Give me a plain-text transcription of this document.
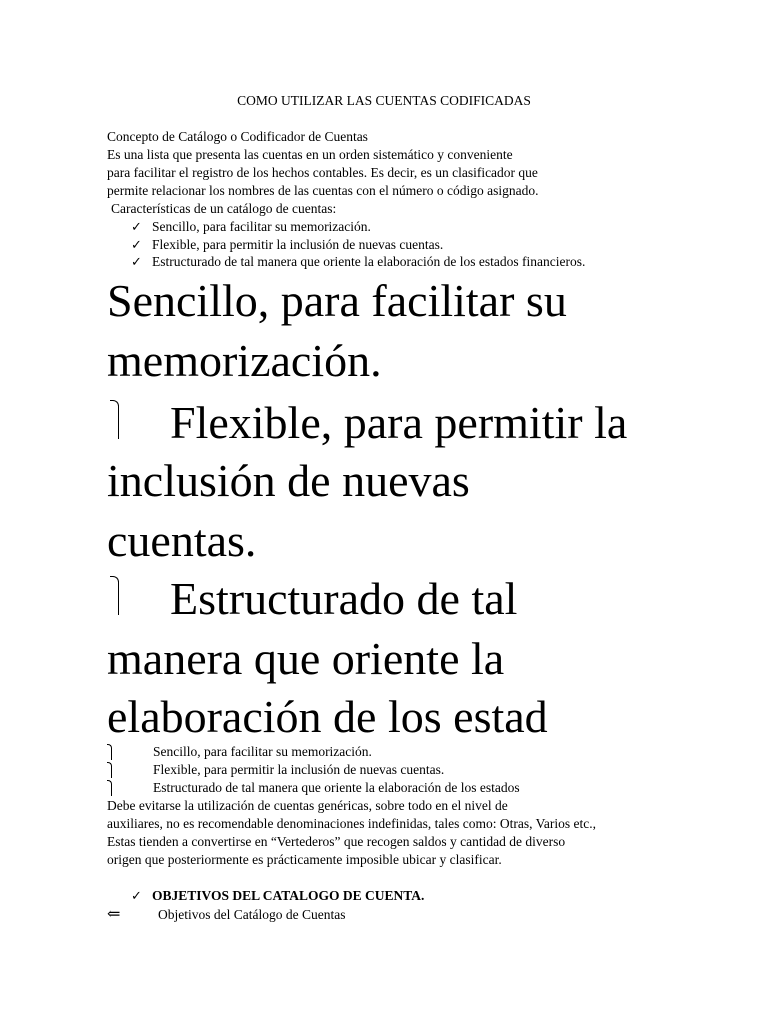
COMO UTILIZAR LAS CUENTAS CODIFICADAS
Concepto de Catálogo o Codificador de Cuentas
Es una lista que presenta las cuentas en un orden sistemático y conveniente
para facilitar el registro de los hechos contables. Es decir, es un clasificador que
permite relacionar los nombres de las cuentas con el número o código asignado.
Características de un catálogo de cuentas:
✓ Sencillo, para facilitar su memorización.
✓ Flexible, para permitir la inclusión de nuevas cuentas.
✓ Estructurado de tal manera que oriente la elaboración de los estados financieros.
Sencillo, para facilitar su
memorización.
Flexible, para permitir la
inclusión de nuevas
cuentas.
Estructurado de tal
manera que oriente la
elaboración de los estad
Sencillo, para facilitar su memorización.
Flexible, para permitir la inclusión de nuevas cuentas.
Estructurado de tal manera que oriente la elaboración de los estados
Debe evitarse la utilización de cuentas genéricas, sobre todo en el nivel de
auxiliares, no es recomendable denominaciones indefinidas, tales como: Otras, Varios etc.,
Estas tienden a convertirse en “Vertederos” que recogen saldos y cantidad de diverso
origen que posteriormente es prácticamente imposible ubicar y clasificar.
✓ OBJETIVOS DEL CATALOGO DE CUENTA.
⇐	Objetivos del Catálogo de Cuentas
